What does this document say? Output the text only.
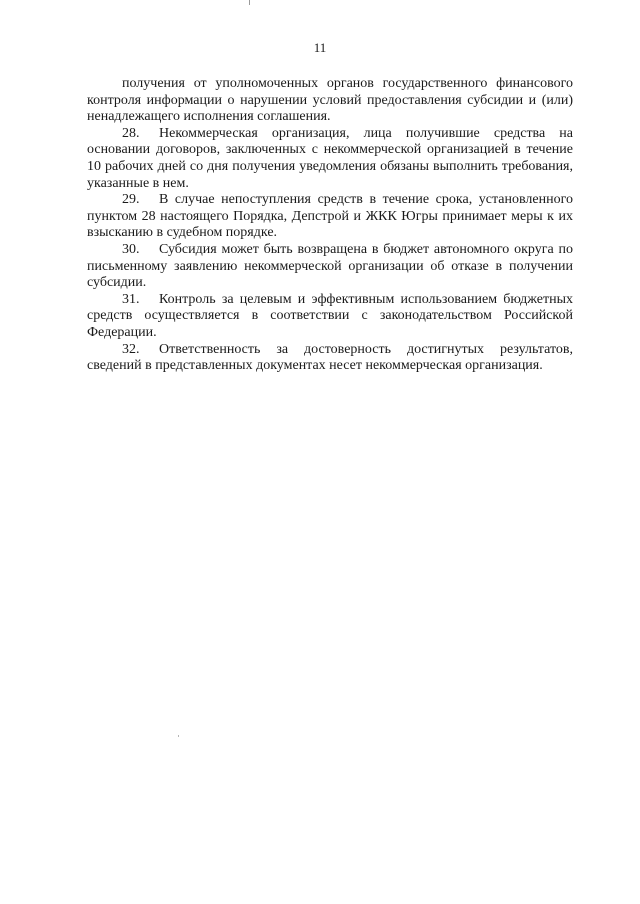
11

получения от уполномоченных органов государственного финансового контроля информации о нарушении условий предоставления субсидии и (или) ненадлежащего исполнения соглашения.

28. Некоммерческая организация, лица получившие средства на основании договоров, заключенных с некоммерческой организацией в течение 10 рабочих дней со дня получения уведомления обязаны выполнить требования, указанные в нем.

29. В случае непоступления средств в течение срока, установленного пунктом 28 настоящего Порядка, Депстрой и ЖКК Югры принимает меры к их взысканию в судебном порядке.

30. Субсидия может быть возвращена в бюджет автономного округа по письменному заявлению некоммерческой организации об отказе в получении субсидии.

31. Контроль за целевым и эффективным использованием бюджетных средств осуществляется в соответствии с законодательством Российской Федерации.

32. Ответственность за достоверность достигнутых результатов, сведений в представленных документах несет некоммерческая организация.
